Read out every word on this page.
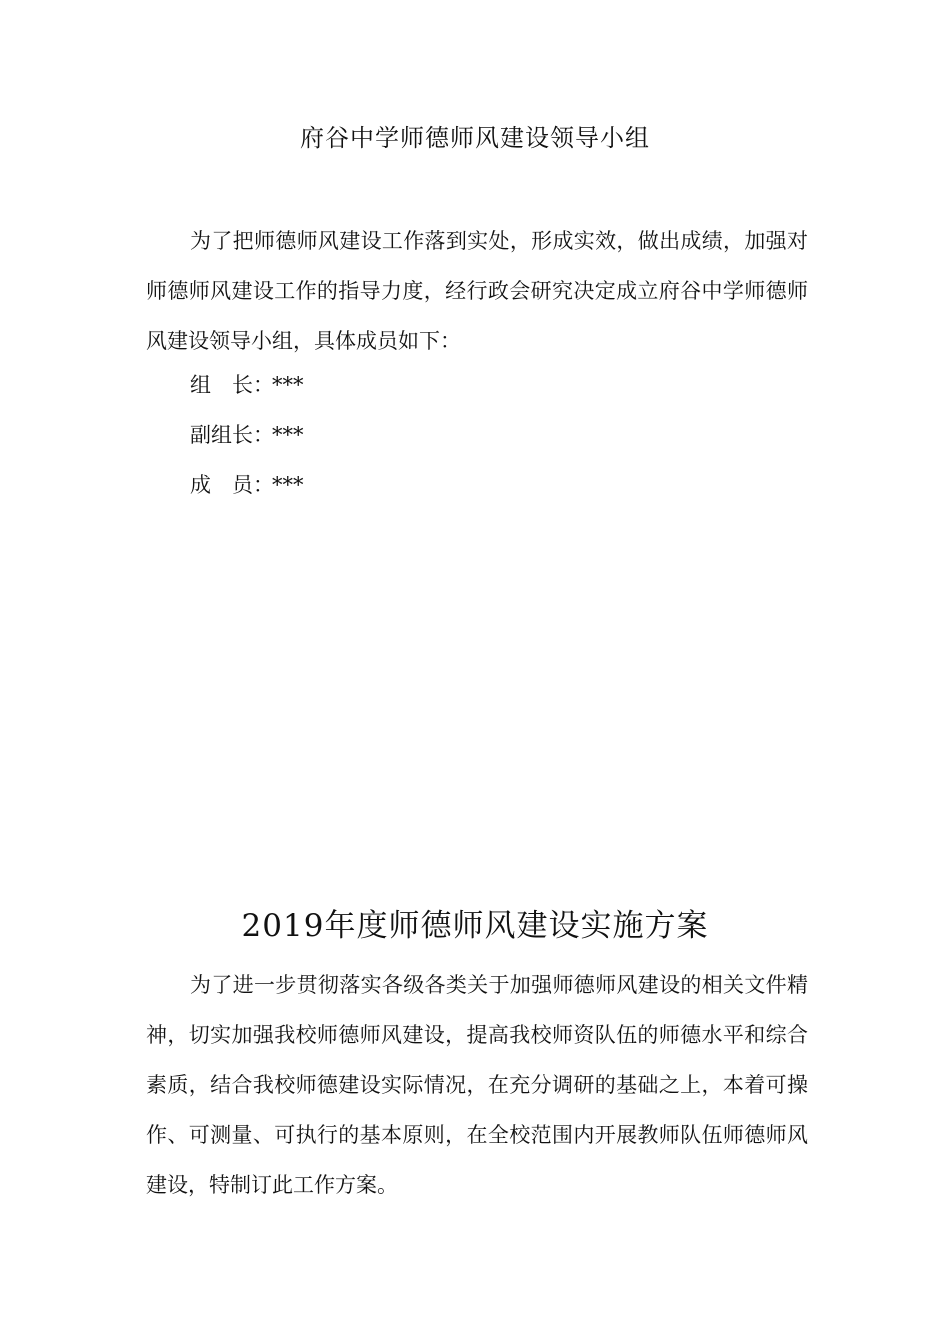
府谷中学师德师风建设领导小组

为了把师德师风建设工作落到实处，形成实效，做出成绩，加强对师德师风建设工作的指导力度，经行政会研究决定成立府谷中学师德师风建设领导小组，具体成员如下：

组　长：***
副组长：***
成　员：***
2019年度师德师风建设实施方案

为了进一步贯彻落实各级各类关于加强师德师风建设的相关文件精神，切实加强我校师德师风建设，提高我校师资队伍的师德水平和综合素质，结合我校师德建设实际情况，在充分调研的基础之上，本着可操作、可测量、可执行的基本原则，在全校范围内开展教师队伍师德师风建设，特制订此工作方案。
